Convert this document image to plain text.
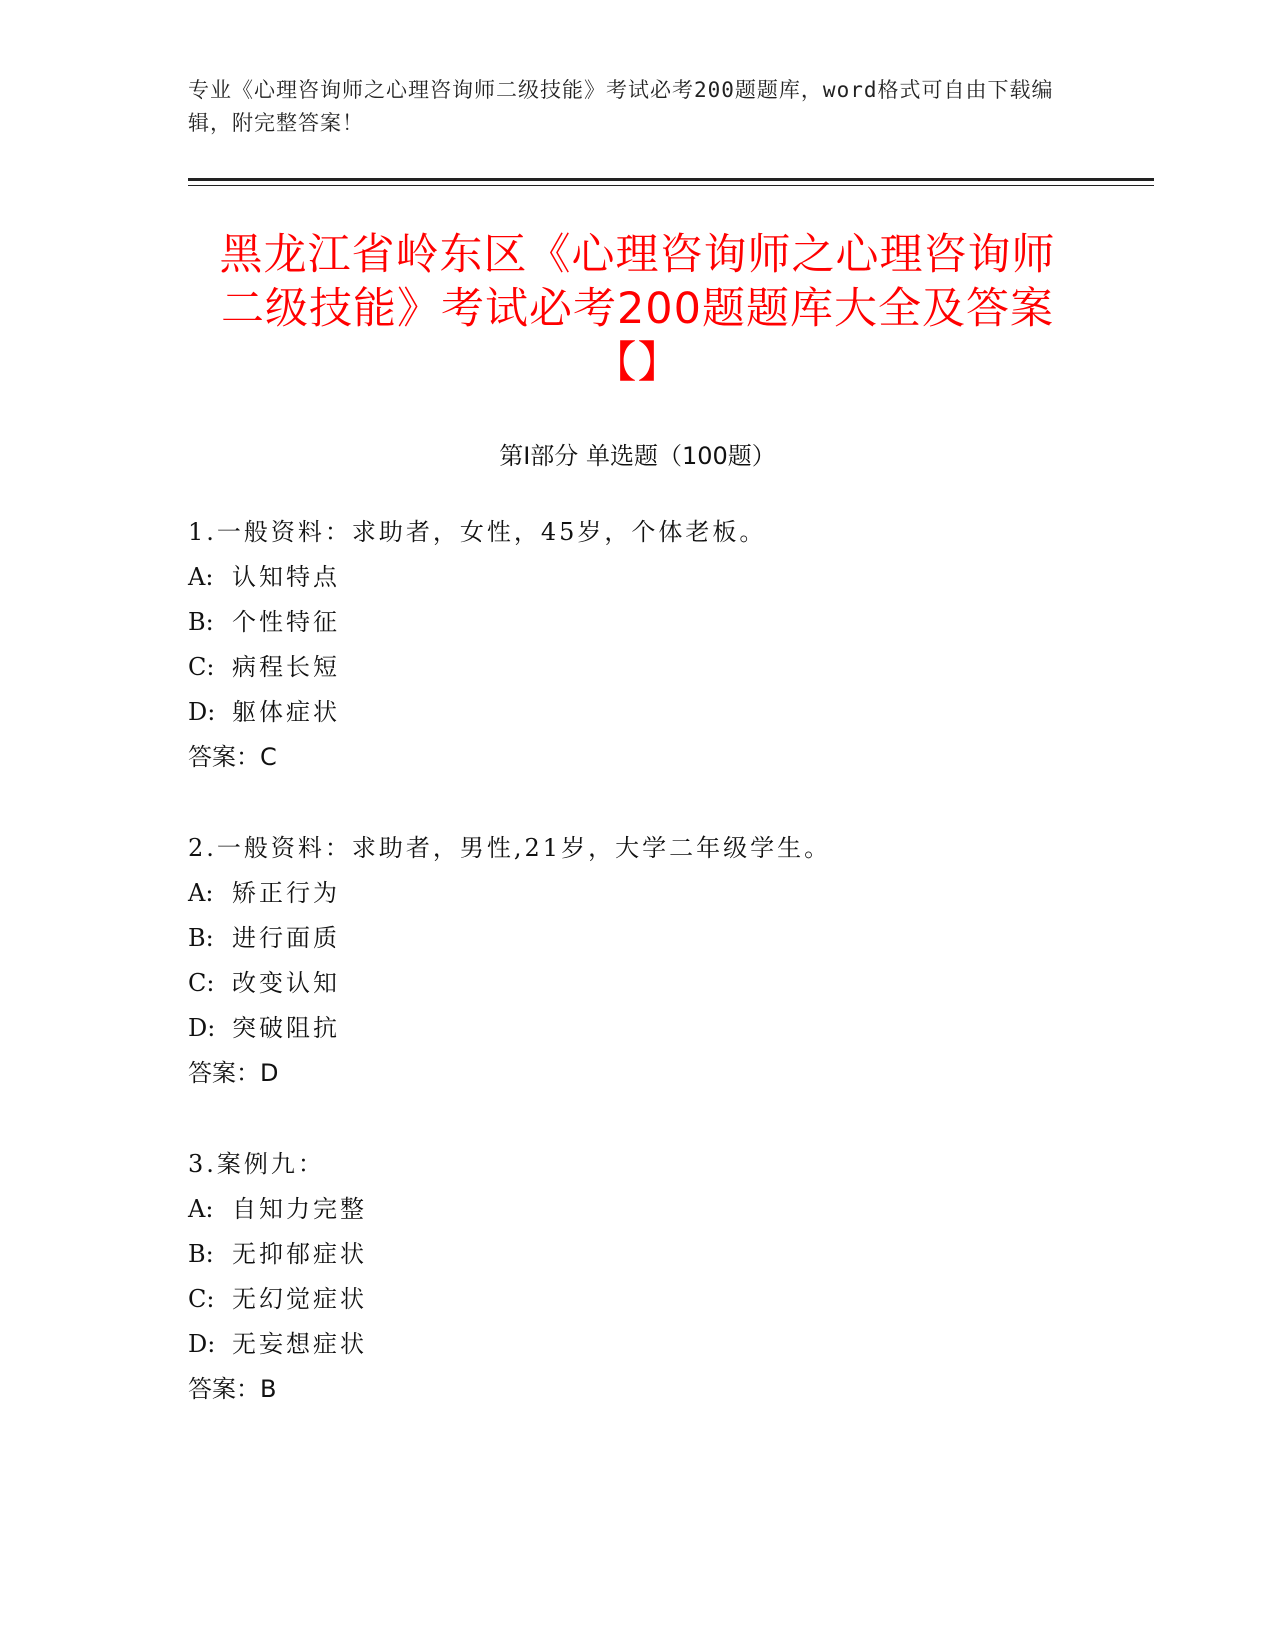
专业《心理咨询师之心理咨询师二级技能》考试必考200题题库，word格式可自由下载编辑，附完整答案！
黑龙江省岭东区《心理咨询师之心理咨询师
二级技能》考试必考200题题库大全及答案
【】
第Ⅰ部分 单选题（100题）
1.一般资料：求助者，女性，45岁，个体老板。
A: 认知特点
B: 个性特征
C: 病程长短
D: 躯体症状
答案：C
2.一般资料：求助者，男性,21岁，大学二年级学生。
A: 矫正行为
B: 进行面质
C: 改变认知
D: 突破阻抗
答案：D
3.案例九：
A: 自知力完整
B: 无抑郁症状
C: 无幻觉症状
D: 无妄想症状
答案：B
